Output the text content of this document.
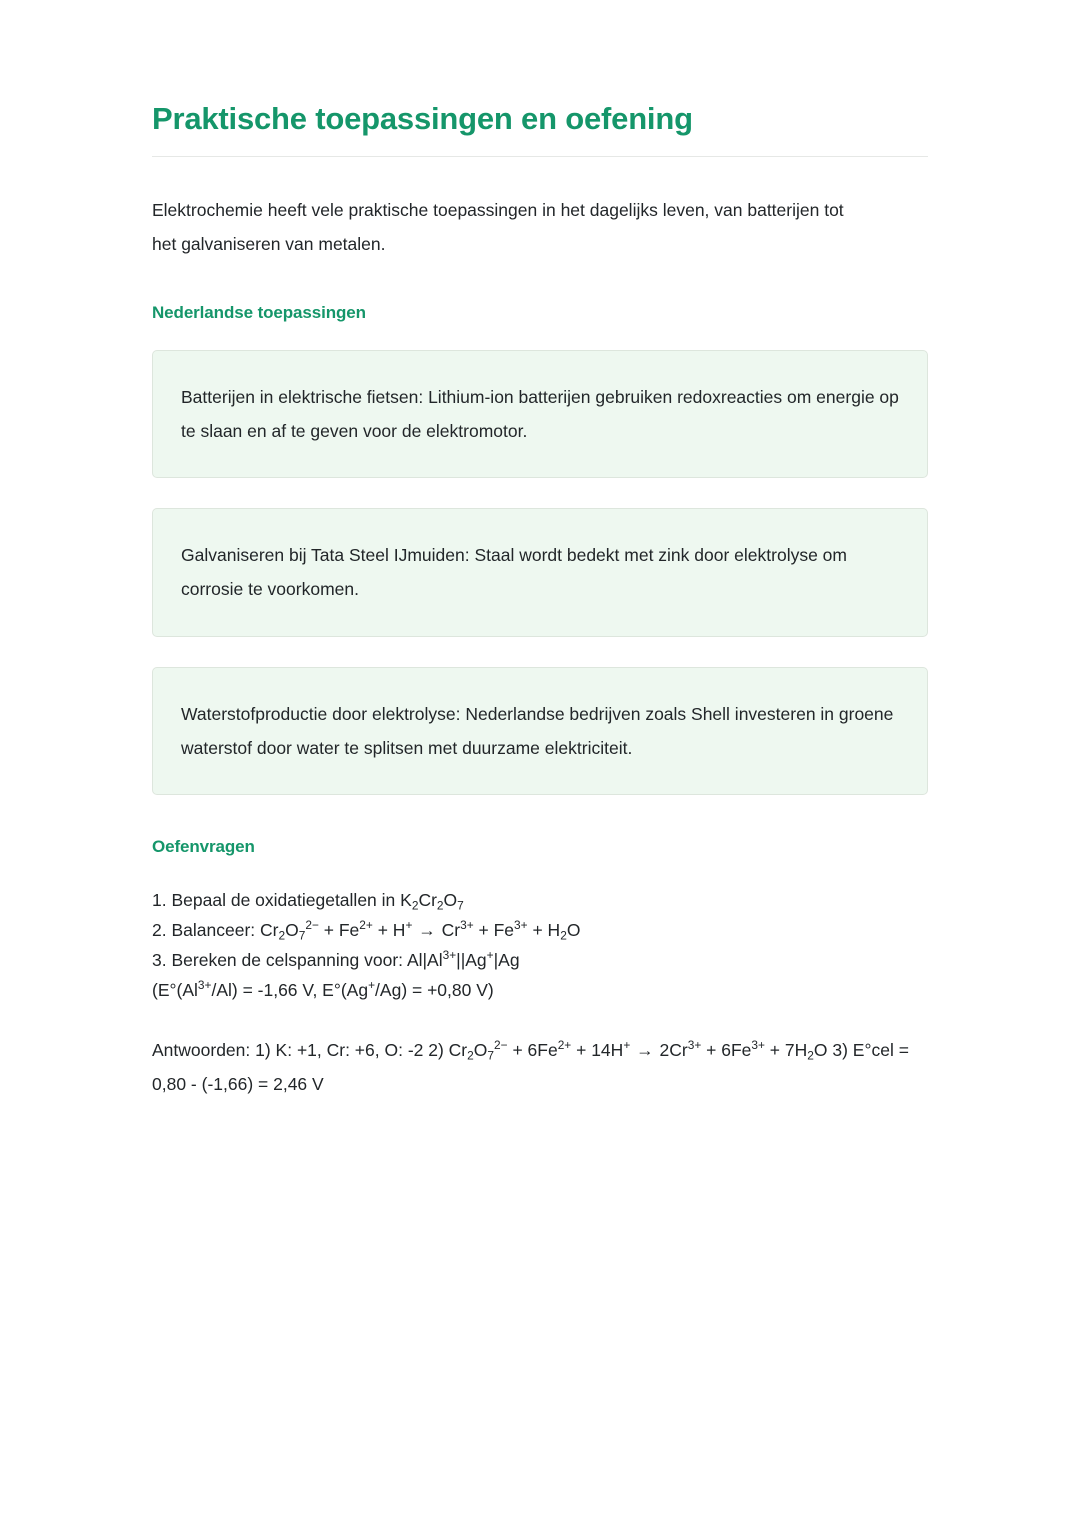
Praktische toepassingen en oefening

Elektrochemie heeft vele praktische toepassingen in het dagelijks leven, van batterijen tot het galvaniseren van metalen.

Nederlandse toepassingen

Batterijen in elektrische fietsen: Lithium-ion batterijen gebruiken redoxreacties om energie op te slaan en af te geven voor de elektromotor.

Galvaniseren bij Tata Steel IJmuiden: Staal wordt bedekt met zink door elektrolyse om corrosie te voorkomen.

Waterstofproductie door elektrolyse: Nederlandse bedrijven zoals Shell investeren in groene waterstof door water te splitsen met duurzame elektriciteit.

Oefenvragen
1. Bepaal de oxidatiegetallen in $K_2Cr_2O_7$
2. Balanceer: $Cr_2O_7^{2-} + Fe^{2+} + H^+ \to Cr^{3+} + Fe^{3+} + H_2O$
3. Bereken de celspanning voor: $Al|Al^{3+}||Ag^+|Ag$

($E^\circ(Al^{3+}/Al) = -1,66$ V, E°(Ag+/Ag) = +0,80 V)

Antwoorden: 1) K: +1, Cr: +6, O: -2 2) $Cr_2O_7^{2-} + 6Fe^{2+} + 14H^+ \to 2Cr^{3+} + 6Fe^{3+} + 7H_2O$ 3) E°cel = 0,80 - (-1,66) = 2,46 V
